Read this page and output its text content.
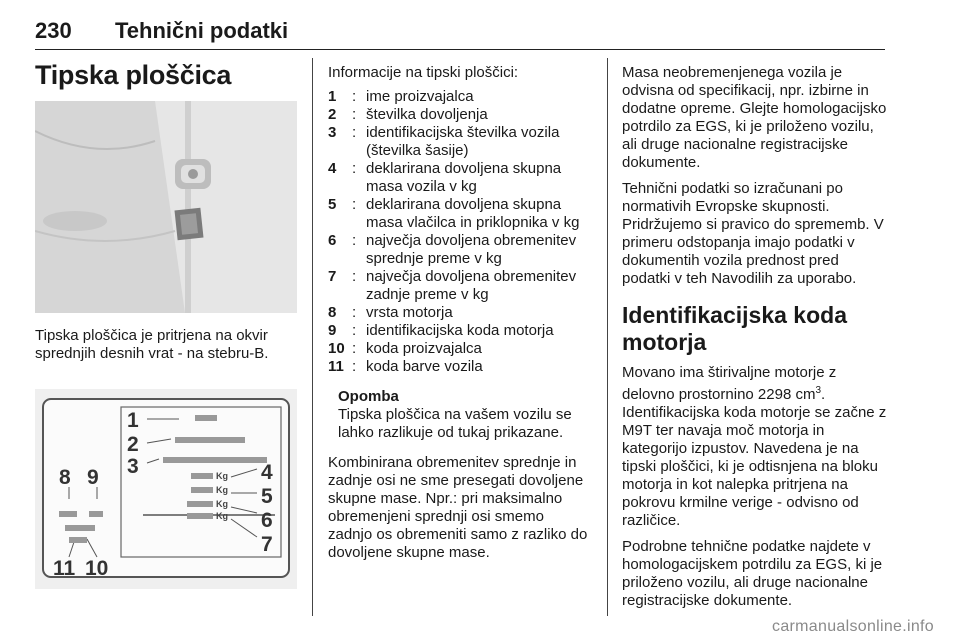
230 Tehnični podatki
Tipska ploščica

Tipska ploščica je pritrjena na okvir sprednjih desnih vrat - na stebru-B.

Kg
Kg
Kg
Kg
1
2
3	4
5
6
7
8 9
10
11

Informacije na tipski ploščici:

1	: ime proizvajalca
2	: številka dovoljenja
3	: identifikacijska številka vozila (številka šasije)
4	: deklarirana dovoljena skupna masa vozila v kg
5	: deklarirana dovoljena skupna masa vlačilca in priklopnika v kg
6	: največja dovoljena obremenitev sprednje preme v kg
7	: največja dovoljena obremenitev zadnje preme v kg
8	: vrsta motorja
9	: identifikacijska koda motorja
10 : koda proizvajalca
11 : koda barve vozila
Opomba

Tipska ploščica na vašem vozilu se lahko razlikuje od tukaj prikazane.

Kombinirana obremenitev sprednje in zadnje osi ne sme presegati dovoljene skupne mase. Npr.: pri maksimalno obremenjeni sprednji osi smemo zadnjo os obremeniti samo z razliko do dovoljene skupne mase.

Masa neobremenjenega vozila je odvisna od specifikacij, npr. izbirne in dodatne opreme. Glejte homologacijsko potrdilo za EGS, ki je priloženo vozilu, ali druge nacionalne registracijske dokumente.

Tehnični podatki so izračunani po normativih Evropske skupnosti. Pridržujemo si pravico do sprememb. V primeru odstopanja imajo podatki v dokumentih vozila prednost pred podatki v teh Navodilih za uporabo.

Identifikacijska koda motorja

Movano ima štirivaljne motorje z delovno prostornino 2298 $cm^3$.

Identifikacijska koda motorje se začne z M9T ter navaja moč motorja in kategorijo izpustov. Navedena je na tipski ploščici, ki je odtisnjena na bloku motorja in kot nalepka pritrjena na pokrovu krmilne verige - odvisno od različice.

Podrobne tehnične podatke najdete v homologacijskem potrdilu za EGS, ki je priloženo vozilu, ali druge nacionalne registracijske dokumente.

carmanualsonline.info
